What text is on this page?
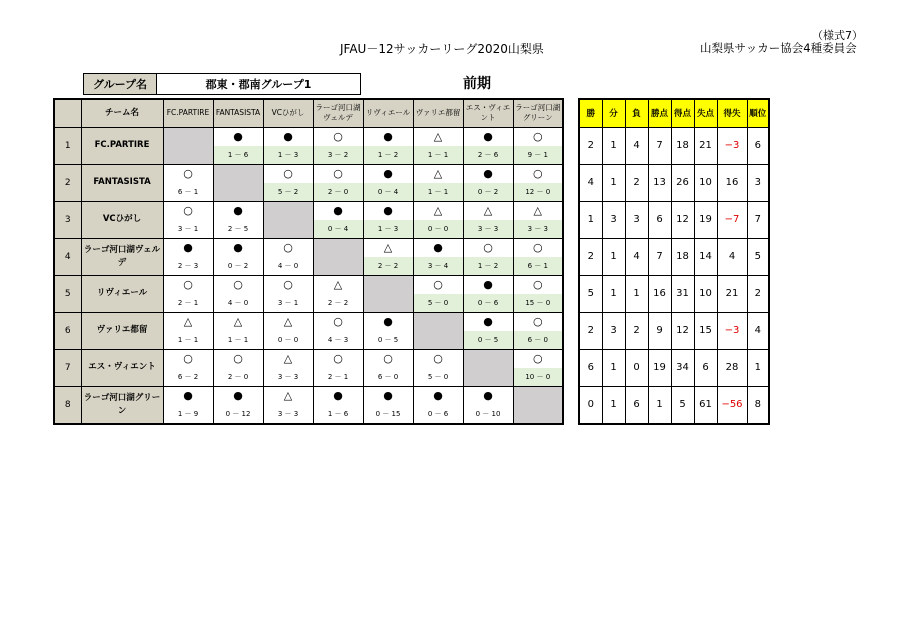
（様式7）
JFAU－12サッカーリーグ2020山梨県	山梨県サッカー協会4種委員会
グループ名	郡東・郡南グループ1	前期
	チーム名	FC.PARTIRE	FANTASISTA	VCひがし	ラーゴ河口湖ヴェルデ	リヴィエール	ヴァリエ都留	エス・ヴィエント	ラーゴ河口湖グリーン		勝	分	負	勝点	得点	失点	得失	順位
1	FC.PARTIRE		●	●	○	●	△	●	○		2	1	4	7	18	21	−3	6
			1 － 6	1 － 3	3 － 2	1 － 2	1 － 1	2 － 6	9 － 1									
2	FANTASISTA	○		○	○	●	△	●	○		4	1	2	13	26	10	16	3
		6 － 1		5 － 2	2 － 0	0 － 4	1 － 1	0 － 2	12 － 0									
3	VCひがし	○	●		●	●	△	△	△		1	3	3	6	12	19	−7	7
		3 － 1	2 － 5		0 － 4	1 － 3	0 － 0	3 － 3	3 － 3									
4	ラーゴ河口湖ヴェルデ	●	●	○		△	●	○	○		2	1	4	7	18	14	4	5
		2 － 3	0 － 2	4 － 0		2 － 2	3 － 4	1 － 2	6 － 1									
5	リヴィエール	○	○	○	△		○	●	○		5	1	1	16	31	10	21	2
		2 － 1	4 － 0	3 － 1	2 － 2		5 － 0	0 － 6	15 － 0									
6	ヴァリエ都留	△	△	△	○	●		●	○		2	3	2	9	12	15	−3	4
		1 － 1	1 － 1	0 － 0	4 － 3	0 － 5		0 － 5	6 － 0									
7	エス・ヴィエント	○	○	△	○	○	○		○		6	1	0	19	34	6	28	1
		6 － 2	2 － 0	3 － 3	2 － 1	6 － 0	5 － 0		10 － 0									
8	ラーゴ河口湖グリーン	●	●	△	●	●	●	●			0	1	6	1	5	61	−56	8
		1 － 9	0 － 12	3 － 3	1 － 6	0 － 15	0 － 6	0 － 10										
